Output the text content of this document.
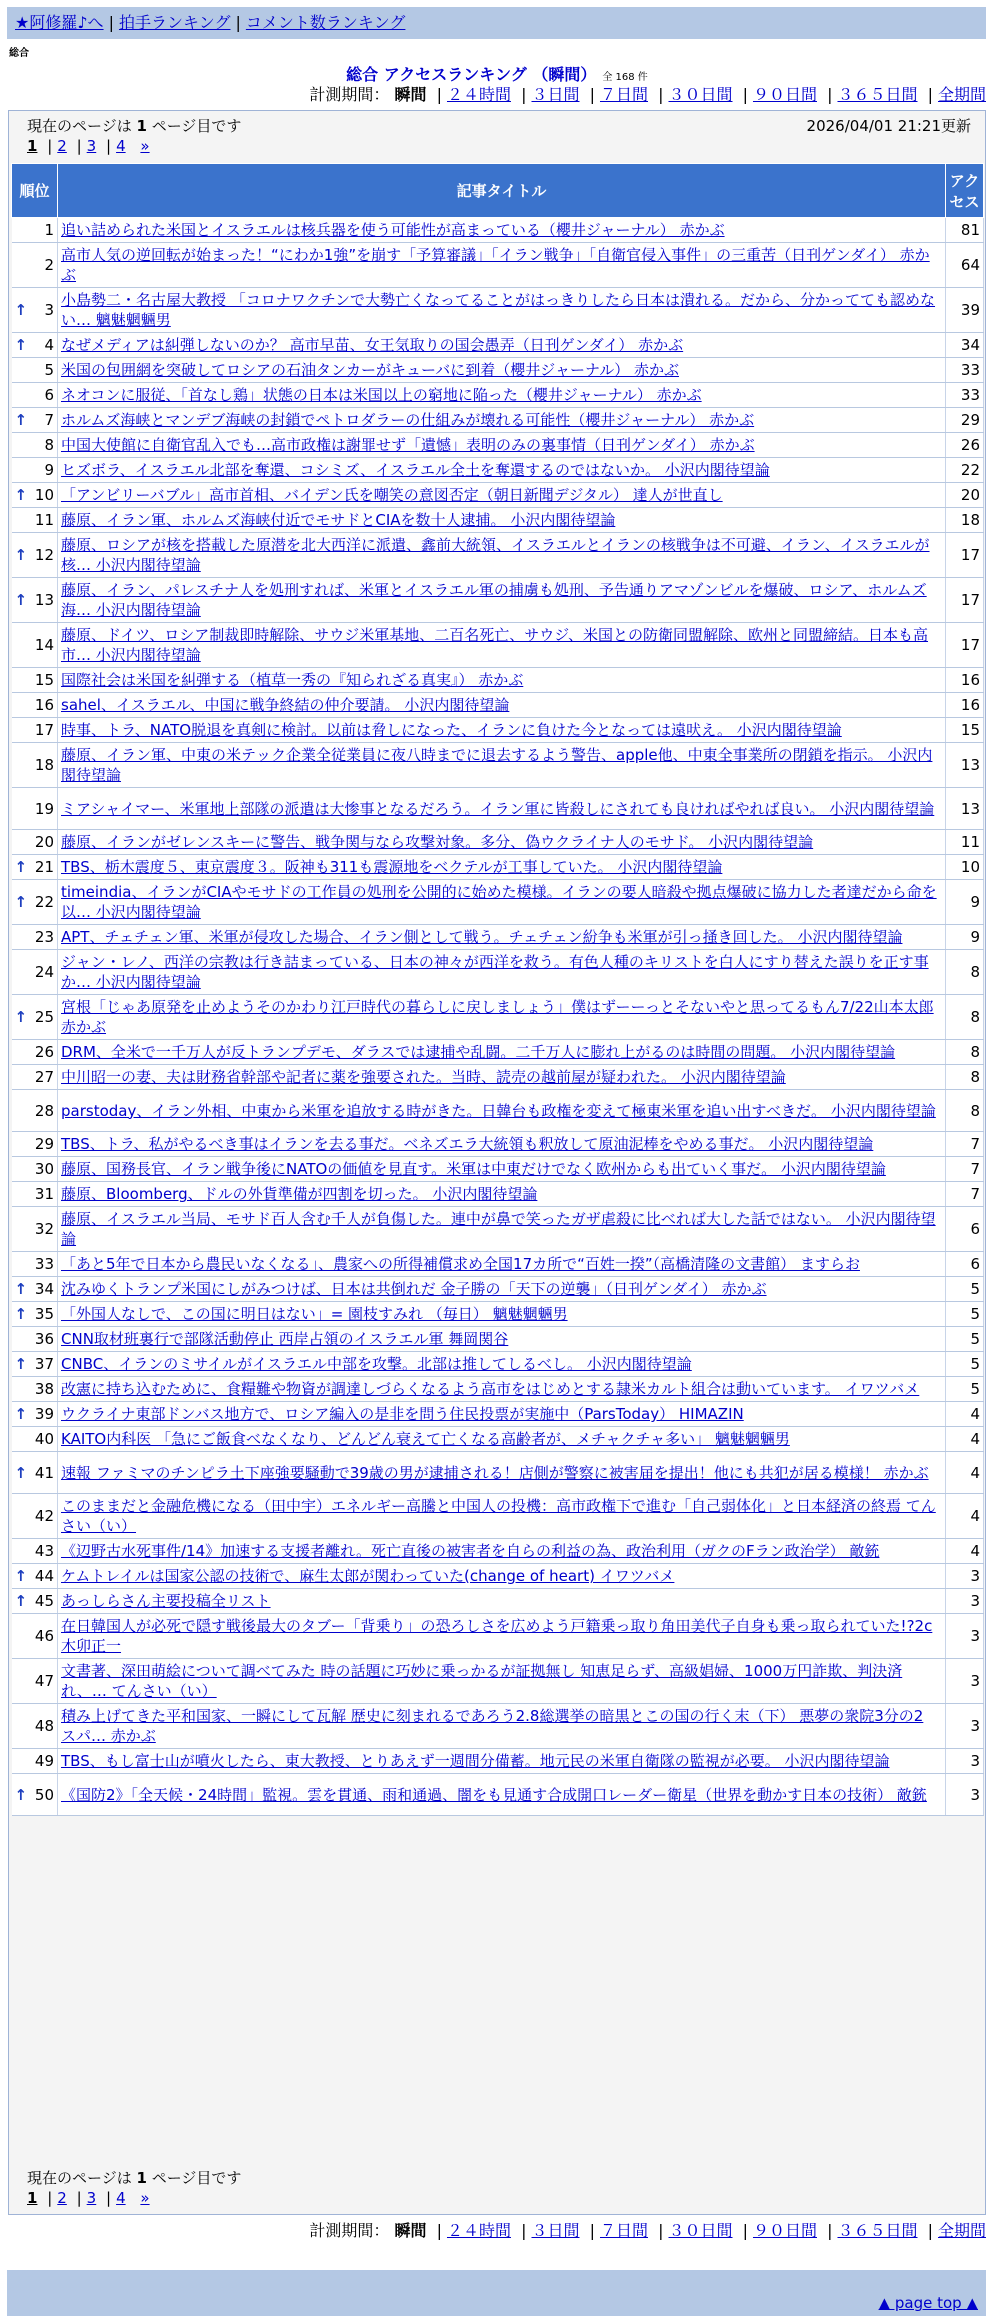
★阿修羅♪へ | 拍手ランキング | コメント数ランキング
総合
総合 アクセスランキング （瞬間） 全 168 件
計測期間： 瞬間 | ２４時間 | ３日間 | ７日間 | ３０日間 | ９０日間 | ３６５日間 | 全期間
現在のページは 1 ページ目です	2026/04/01 21:21更新
1 | 2 | 3 | 4 »
順位	記事タイトル	アクセス
1	追い詰められた米国とイスラエルは核兵器を使う可能性が高まっている（櫻井ジャーナル） 赤かぶ	81
2	高市人気の逆回転が始まった！“にわか1強”を崩す「予算審議」「イラン戦争」「自衛官侵入事件」の三重苦（日刊ゲンダイ） 赤かぶ	64

↑ 3	小島勢二・名古屋大教授 「コロナワクチンで大勢亡くなってることがはっきりしたら日本は潰れる。だから、分かってても認めない… 魑魅魍魎男	39

↑ 4	なぜメディアは糾弾しないのか？ 高市早苗、女王気取りの国会愚弄（日刊ゲンダイ） 赤かぶ	34
5	米国の包囲網を突破してロシアの石油タンカーがキューバに到着（櫻井ジャーナル） 赤かぶ	33
6	ネオコンに服従、「首なし鶏」状態の日本は米国以上の窮地に陥った（櫻井ジャーナル） 赤かぶ	33

↑ 7	ホルムズ海峡とマンデブ海峡の封鎖でペトロダラーの仕組みが壊れる可能性（櫻井ジャーナル） 赤かぶ	29
8	中国大使館に自衛官乱入でも…高市政権は謝罪せず「遺憾」表明のみの裏事情（日刊ゲンダイ） 赤かぶ	26
9	ヒズボラ、イスラエル北部を奪還、コシミズ、イスラエル全土を奪還するのではないか。 小沢内閣待望論	22

↑ 10	「アンビリーバブル」高市首相、バイデン氏を嘲笑の意図否定（朝日新聞デジタル） 達人が世直し	20
11	藤原、イラン軍、ホルムズ海峡付近でモサドとCIAを数十人逮捕。 小沢内閣待望論	18

↑ 12	藤原、ロシアが核を搭載した原潜を北大西洋に派遣、鑫前大統領、イスラエルとイランの核戦争は不可避、イラン、イスラエルが核… 小沢内閣待望論	17

↑ 13	藤原、イラン、パレスチナ人を処刑すれば、米軍とイスラエル軍の捕虜も処刑、予告通りアマゾンビルを爆破、ロシア、ホルムズ海… 小沢内閣待望論	17
14	藤原、ドイツ、ロシア制裁即時解除、サウジ米軍基地、二百名死亡、サウジ、米国との防衛同盟解除、欧州と同盟締結。日本も高市… 小沢内閣待望論	17
15	国際社会は米国を糾弾する（植草一秀の『知られざる真実』） 赤かぶ	16
16	sahel、イスラエル、中国に戦争終結の仲介要請。 小沢内閣待望論	16
17	時事、トラ、NATO脱退を真剣に検討。以前は脅しになった、イランに負けた今となっては遠吠え。 小沢内閣待望論	15
18	藤原、イラン軍、中東の米テック企業全従業員に夜八時までに退去するよう警告、apple他、中東全事業所の閉鎖を指示。 小沢内閣待望論	13
19	ミアシャイマー、米軍地上部隊の派遣は大惨事となるだろう。イラン軍に皆殺しにされても良ければやれば良い。 小沢内閣待望論	13
20	藤原、イランがゼレンスキーに警告、戦争関与なら攻撃対象。多分、偽ウクライナ人のモサド。 小沢内閣待望論	11

↑ 21	TBS、栃木震度５、東京震度３。阪神も311も震源地をベクテルが工事していた。 小沢内閣待望論	10

↑ 22	timeindia、イランがCIAやモサドの工作員の処刑を公開的に始めた模様。イランの要人暗殺や拠点爆破に協力した者達だから命を以… 小沢内閣待望論	9
23	APT、チェチェン軍、米軍が侵攻した場合、イラン側として戦う。チェチェン紛争も米軍が引っ掻き回した。 小沢内閣待望論	9
24	ジャン・レノ、西洋の宗教は行き詰まっている、日本の神々が西洋を救う。有色人種のキリストを白人にすり替えた誤りを正す事か… 小沢内閣待望論	8

↑ 25	宮根「じゃあ原発を止めようそのかわり江戸時代の暮らしに戻しましょう」僕はずーーっとそないやと思ってるもん7/22山本太郎 赤かぶ	8
26	DRM、全米で一千万人が反トランプデモ、ダラスでは逮捕や乱闘。二千万人に膨れ上がるのは時間の問題。 小沢内閣待望論	8
27	中川昭一の妻、夫は財務省幹部や記者に薬を強要された。当時、読売の越前屋が疑われた。 小沢内閣待望論	8
28	parstoday、イラン外相、中東から米軍を追放する時がきた。日韓台も政権を変えて極東米軍を追い出すべきだ。 小沢内閣待望論	8
29	TBS、トラ、私がやるべき事はイランを去る事だ。ベネズエラ大統領も釈放して原油泥棒をやめる事だ。 小沢内閣待望論	7
30	藤原、国務長官、イラン戦争後にNATOの価値を見直す。米軍は中東だけでなく欧州からも出ていく事だ。 小沢内閣待望論	7
31	藤原、Bloomberg、ドルの外貨準備が四割を切った。 小沢内閣待望論	7
32	藤原、イスラエル当局、モサド百人含む千人が負傷した。連中が鼻で笑ったガザ虐殺に比べれば大した話ではない。 小沢内閣待望論	6
33	「あと5年で日本から農民いなくなる」、農家への所得補償求め全国17カ所で“百姓一揆”（高橋清隆の文書館） ますらお	6

↑ 34	沈みゆくトランプ米国にしがみつけば、日本は共倒れだ 金子勝の「天下の逆襲」（日刊ゲンダイ） 赤かぶ	5

↑ 35	「外国人なしで、この国に明日はない」= 園枝すみれ （毎日） 魑魅魍魎男	5
36	CNN取材班裏行で部隊活動停止 西岸占領のイスラエル軍 舞岡関谷	5

↑ 37	CNBC、イランのミサイルがイスラエル中部を攻撃。北部は推してしるべし。 小沢内閣待望論	5
38	改憲に持ち込むために、食糧難や物資が調達しづらくなるよう高市をはじめとする隷米カルト組合は動いています。 イワツバメ	5

↑ 39	ウクライナ東部ドンバス地方で、ロシア編入の是非を問う住民投票が実施中（ParsToday） HIMAZIN	4
40	KAITO内科医 「急にご飯食べなくなり、どんどん衰えて亡くなる高齢者が、メチャクチャ多い」 魑魅魍魎男	4

↑ 41	速報 ファミマのチンピラ土下座強要騒動で39歳の男が逮捕される！店側が警察に被害届を提出！他にも共犯が居る模様！ 赤かぶ	4
42	このままだと金融危機になる（田中宇）エネルギー高騰と中国人の投機：高市政権下で進む「自己弱体化」と日本経済の終焉 てんさい（い）	4
43	《辺野古水死事件/14》加速する支援者離れ。死亡直後の被害者を自らの利益の為、政治利用（ガクのFラン政治学） 敵銃	4

↑ 44	ケムトレイルは国家公認の技術で、麻生太郎が関わっていた(change of heart) イワツバメ	3

↑ 45	あっしらさん主要投稿全リスト	3
46	在日韓国人が必死で隠す戦後最大のタブー「背乗り」の恐ろしさを広めよう戸籍乗っ取り角田美代子自身も乗っ取られていた!?2c 木卯正一	3
47	文書著、深田萌絵について調べてみた 時の話題に巧妙に乗っかるが証拠無し 知恵足らず、高級娼婦、1000万円詐欺、判決済れ、… てんさい（い）	3
48	積み上げてきた平和国家、一瞬にして瓦解 歴史に刻まれるであろう2.8総選挙の暗黒とこの国の行く末（下） 悪夢の衆院3分の2 スパ… 赤かぶ	3
49	TBS、もし富士山が噴火したら、東大教授、とりあえず一週間分備蓄。地元民の米軍自衛隊の監視が必要。 小沢内閣待望論	3

↑ 50	《国防2》「全天候・24時間」監視。雲を貫通、雨和通過、闇をも見通す合成開口レーダー衛星（世界を動かす日本の技術） 敵銃	3
現在のページは 1 ページ目です
1 | 2 | 3 | 4 »
計測期間： 瞬間 | ２４時間 | ３日間 | ７日間 | ３０日間 | ９０日間 | ３６５日間 | 全期間
▲ page top ▲
